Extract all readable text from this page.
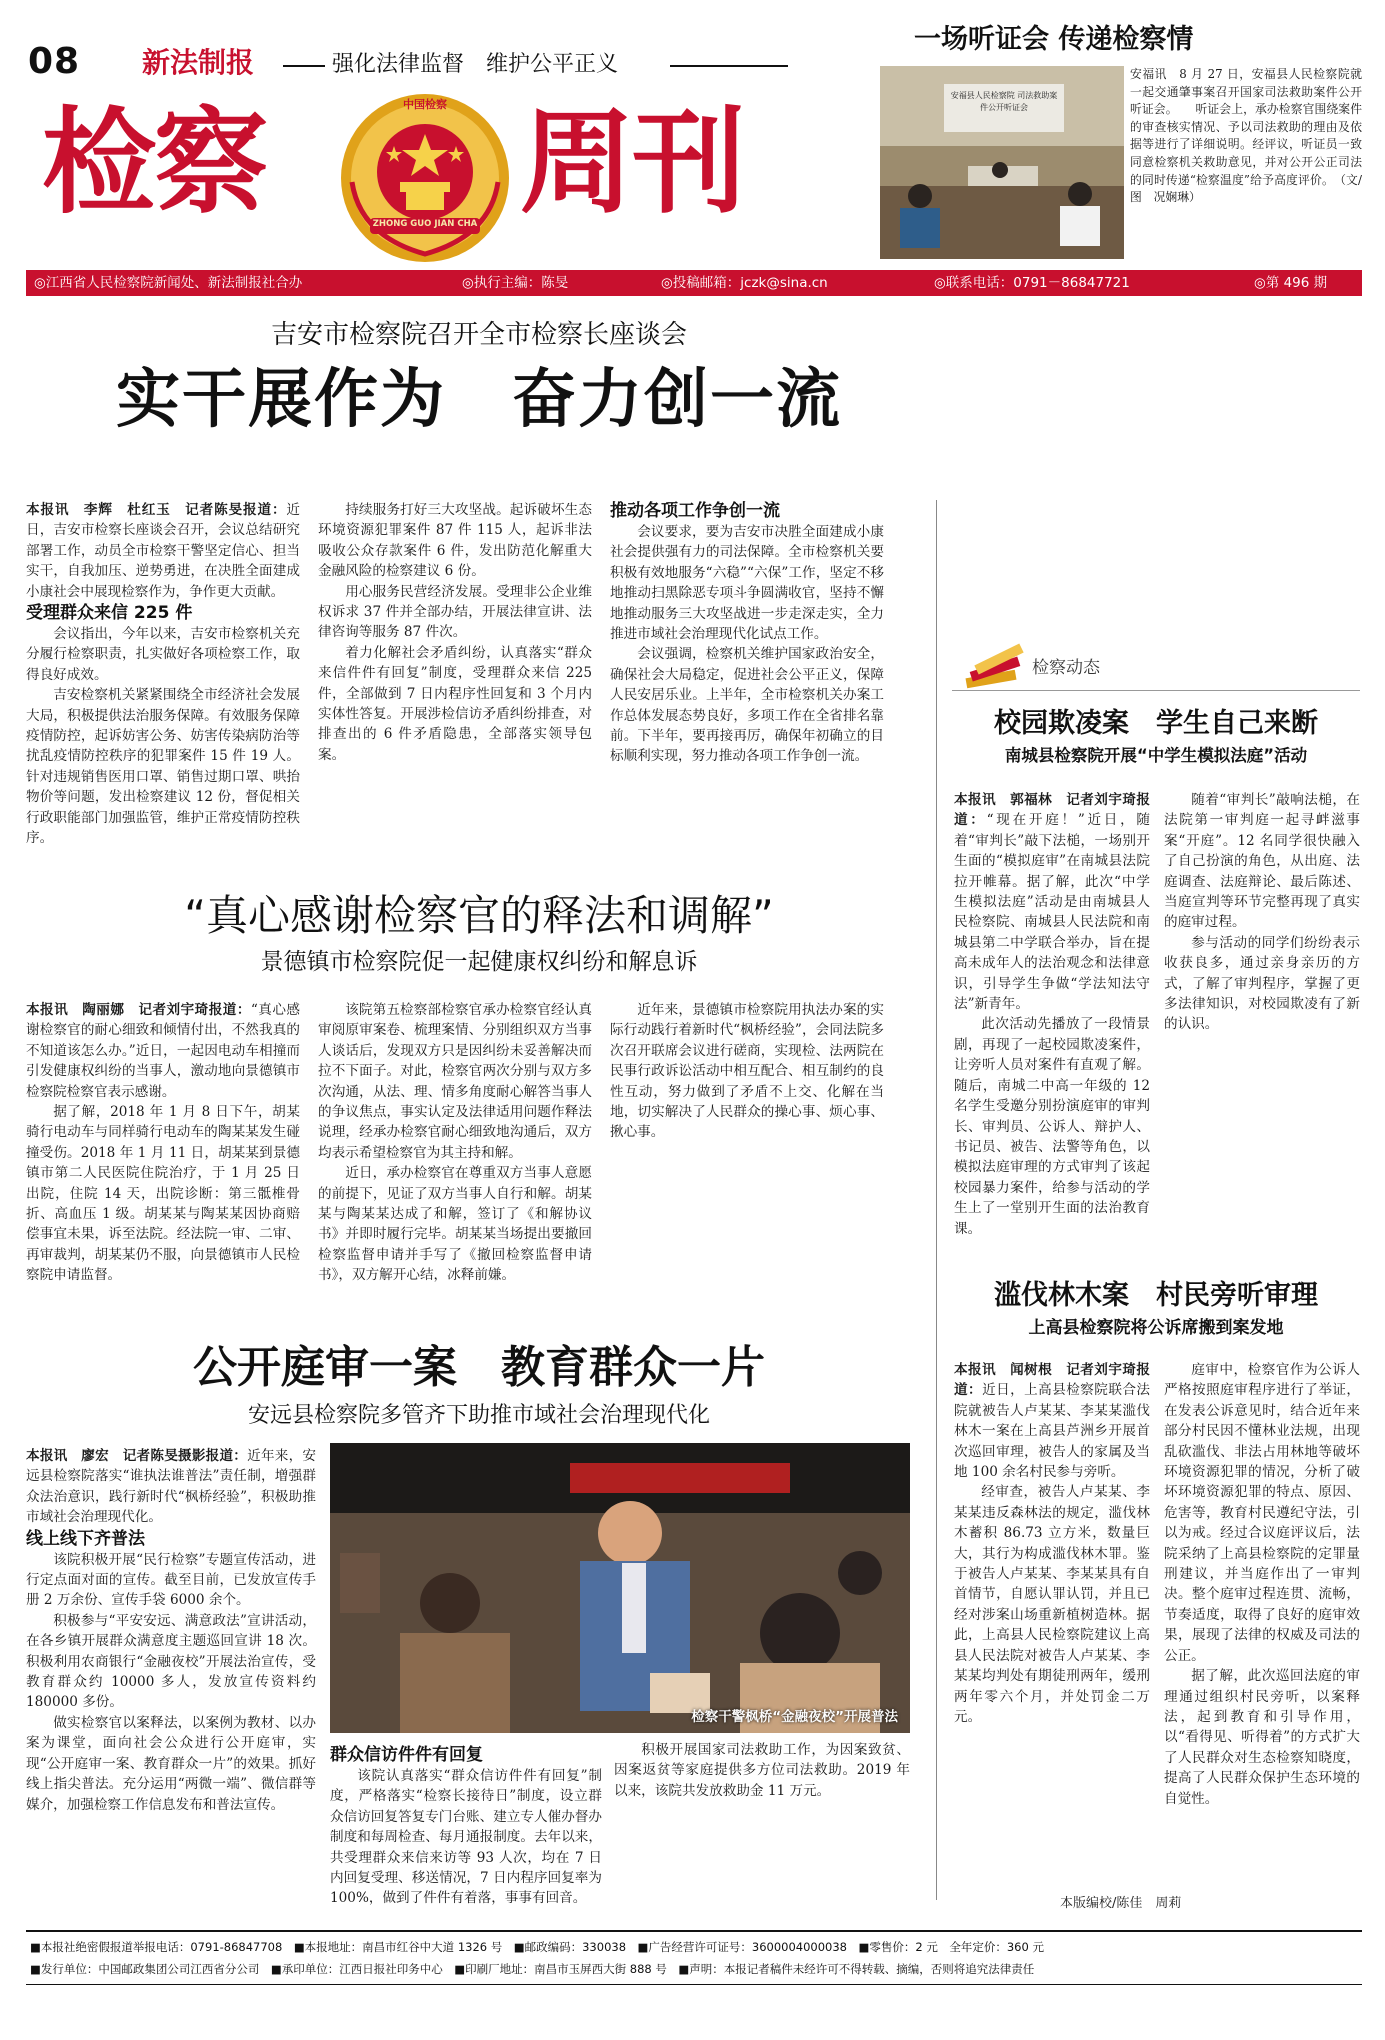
08 新法制报	强化法律监督　维护公平正义
检察	中国检察
ZHONG GUO JIAN CHA 周刊
一场听证会 传递检察情
安福县人民检察院 司法救助案件公开听证会

安福讯　8 月 27 日，安福县人民检察院就一起交通肇事案召开国家司法救助案件公开听证会。　　听证会上，承办检察官围绕案件的审查核实情况、予以司法救助的理由及依据等进行了详细说明。经评议，听证员一致同意检察机关救助意见，并对公开公正司法的同时传递“检察温度”给予高度评价。　（文/图　况娴琳）

◎江西省人民检察院新闻处、新法制报社合办	◎执行主编：陈旻	◎投稿邮箱：jczk@sina.cn	◎联系电话：0791－86847721	◎第 496 期
吉安市检察院召开全市检察长座谈会
实干展作为　奋力创一流

本报讯　李辉　杜红玉　记者陈旻报道：近日，吉安市检察长座谈会召开，会议总结研究部署工作，动员全市检察干警坚定信心、担当实干，自我加压、逆势勇进，在决胜全面建成小康社会中展现检察作为，争作更大贡献。

受理群众来信 225 件

会议指出，今年以来，吉安市检察机关充分履行检察职责，扎实做好各项检察工作，取得良好成效。

吉安检察机关紧紧围绕全市经济社会发展大局，积极提供法治服务保障。有效服务保障疫情防控，起诉妨害公务、妨害传染病防治等扰乱疫情防控秩序的犯罪案件 15 件 19 人。针对违规销售医用口罩、销售过期口罩、哄抬物价等问题，发出检察建议 12 份，督促相关行政职能部门加强监管，维护正常疫情防控秩序。

持续服务打好三大攻坚战。起诉破坏生态环境资源犯罪案件 87 件 115 人，起诉非法吸收公众存款案件 6 件，发出防范化解重大金融风险的检察建议 6 份。

用心服务民营经济发展。受理非公企业维权诉求 37 件并全部办结，开展法律宣讲、法律咨询等服务 87 件次。

着力化解社会矛盾纠纷，认真落实“群众来信件件有回复”制度，受理群众来信 225 件，全部做到 7 日内程序性回复和 3 个月内实体性答复。开展涉检信访矛盾纠纷排查，对排查出的 6 件矛盾隐患，全部落实领导包案。

推动各项工作争创一流

会议要求，要为吉安市决胜全面建成小康社会提供强有力的司法保障。全市检察机关要积极有效地服务“六稳”“六保”工作，坚定不移地推动扫黑除恶专项斗争圆满收官，坚持不懈地推动服务三大攻坚战进一步走深走实，全力推进市域社会治理现代化试点工作。

会议强调，检察机关维护国家政治安全，确保社会大局稳定，促进社会公平正义，保障人民安居乐业。上半年，全市检察机关办案工作总体发展态势良好，多项工作在全省排名靠前。下半年，要再接再厉，确保年初确立的目标顺利实现，努力推动各项工作争创一流。

“真心感谢检察官的释法和调解”
景德镇市检察院促一起健康权纠纷和解息诉

本报讯　陶丽娜　记者刘宇琦报道：“真心感谢检察官的耐心细致和倾情付出，不然我真的不知道该怎么办。”近日，一起因电动车相撞而引发健康权纠纷的当事人，激动地向景德镇市检察院检察官表示感谢。

据了解，2018 年 1 月 8 日下午，胡某骑行电动车与同样骑行电动车的陶某某发生碰撞受伤。2018 年 1 月 11 日，胡某某到景德镇市第二人民医院住院治疗，于 1 月 25 日出院，住院 14 天，出院诊断：第三骶椎骨折、高血压 1 级。胡某某与陶某某因协商赔偿事宜未果，诉至法院。经法院一审、二审、再审裁判，胡某某仍不服，向景德镇市人民检察院申请监督。

该院第五检察部检察官承办检察官经认真审阅原审案卷、梳理案情、分别组织双方当事人谈话后，发现双方只是因纠纷未妥善解决而拉不下面子。对此，检察官两次分别与双方多次沟通，从法、理、情多角度耐心解答当事人的争议焦点，事实认定及法律适用问题作释法说理，经承办检察官耐心细致地沟通后，双方均表示希望检察官为其主持和解。

近日，承办检察官在尊重双方当事人意愿的前提下，见证了双方当事人自行和解。胡某某与陶某某达成了和解，签订了《和解协议书》并即时履行完毕。胡某某当场提出要撤回检察监督申请并手写了《撤回检察监督申请书》，双方解开心结，冰释前嫌。

近年来，景德镇市检察院用执法办案的实际行动践行着新时代“枫桥经验”，会同法院多次召开联席会议进行磋商，实现检、法两院在民事行政诉讼活动中相互配合、相互制约的良性互动，努力做到了矛盾不上交、化解在当地，切实解决了人民群众的操心事、烦心事、揪心事。

公开庭审一案　教育群众一片
安远县检察院多管齐下助推市域社会治理现代化

本报讯　廖宏　记者陈旻摄影报道：近年来，安远县检察院落实“谁执法谁普法”责任制，增强群众法治意识，践行新时代“枫桥经验”，积极助推市域社会治理现代化。

线上线下齐普法

该院积极开展“民行检察”专题宣传活动，进行定点面对面的宣传。截至目前，已发放宣传手册 2 万余份、宣传手袋 6000 余个。

积极参与“平安安远、满意政法”宣讲活动，在各乡镇开展群众满意度主题巡回宣讲 18 次。积极利用农商银行“金融夜校”开展法治宣传，受教育群众约 10000 多人，发放宣传资料约 180000 多份。

做实检察官以案释法，以案例为教材、以办案为课堂，面向社会公众进行公开庭审，实现“公开庭审一案、教育群众一片”的效果。抓好线上指尖普法。充分运用“两微一端”、微信群等媒介，加强检察工作信息发布和普法宣传。

检察干警枫桥“金融夜校”开展普法

群众信访件件有回复

该院认真落实“群众信访件件有回复”制度，严格落实“检察长接待日”制度，设立群众信访回复答复专门台账、建立专人催办督办制度和每周检查、每月通报制度。去年以来，共受理群众来信来访等 93 人次，均在 7 日内回复受理、移送情况，7 日内程序回复率为 100%，做到了件件有着落，事事有回音。

积极开展国家司法救助工作，为因案致贫、因案返贫等家庭提供多方位司法救助。2019 年以来，该院共发放救助金 11 万元。

检察动态
校园欺凌案　学生自己来断
南城县检察院开展“中学生模拟法庭”活动

本报讯　郭福林　记者刘宇琦报道：“现在开庭！”近日，随着“审判长”敲下法槌，一场别开生面的“模拟庭审”在南城县法院拉开帷幕。据了解，此次“中学生模拟法庭”活动是由南城县人民检察院、南城县人民法院和南城县第二中学联合举办，旨在提高未成年人的法治观念和法律意识，引导学生争做“学法知法守法”新青年。

此次活动先播放了一段情景剧，再现了一起校园欺凌案件，让旁听人员对案件有直观了解。随后，南城二中高一年级的 12 名学生受邀分别扮演庭审的审判长、审判员、公诉人、辩护人、书记员、被告、法警等角色，以模拟法庭审理的方式审判了该起校园暴力案件，给参与活动的学生上了一堂别开生面的法治教育课。

随着“审判长”敲响法槌，在法院第一审判庭一起寻衅滋事案“开庭”。12 名同学很快融入了自己扮演的角色，从出庭、法庭调查、法庭辩论、最后陈述、当庭宣判等环节完整再现了真实的庭审过程。

参与活动的同学们纷纷表示收获良多，通过亲身亲历的方式，了解了审判程序，掌握了更多法律知识，对校园欺凌有了新的认识。

滥伐林木案　村民旁听审理
上高县检察院将公诉席搬到案发地

本报讯　闻树根　记者刘宇琦报道：近日，上高县检察院联合法院就被告人卢某某、李某某滥伐林木一案在上高县芦洲乡开展首次巡回审理，被告人的家属及当地 100 余名村民参与旁听。

经审查，被告人卢某某、李某某违反森林法的规定，滥伐林木蓄积 86.73 立方米，数量巨大，其行为构成滥伐林木罪。鉴于被告人卢某某、李某某具有自首情节，自愿认罪认罚，并且已经对涉案山场重新植树造林。据此，上高县人民检察院建议上高县人民法院对被告人卢某某、李某某均判处有期徒刑两年，缓刑两年零六个月，并处罚金二万元。

庭审中，检察官作为公诉人严格按照庭审程序进行了举证，在发表公诉意见时，结合近年来部分村民因不懂林业法规，出现乱砍滥伐、非法占用林地等破坏环境资源犯罪的情况，分析了破坏环境资源犯罪的特点、原因、危害等，教育村民遵纪守法，引以为戒。经过合议庭评议后，法院采纳了上高县检察院的定罪量刑建议，并当庭作出了一审判决。整个庭审过程连贯、流畅，节奏适度，取得了良好的庭审效果，展现了法律的权威及司法的公正。

据了解，此次巡回法庭的审理通过组织村民旁听，以案释法，起到教育和引导作用，以“看得见、听得着”的方式扩大了人民群众对生态检察知晓度，提高了人民群众保护生态环境的自觉性。

本版编校/陈佳　周莉
■本报社绝密假报道举报电话：0791-86847708　■本报地址：南昌市红谷中大道 1326 号　■邮政编码：330038　■广告经营许可证号：3600004000038　■零售价：2 元　全年定价：360 元
■发行单位：中国邮政集团公司江西省分公司　■承印单位：江西日报社印务中心　■印刷厂地址：南昌市玉屏西大街 888 号　■声明：本报记者稿件未经许可不得转载、摘编，否则将追究法律责任
